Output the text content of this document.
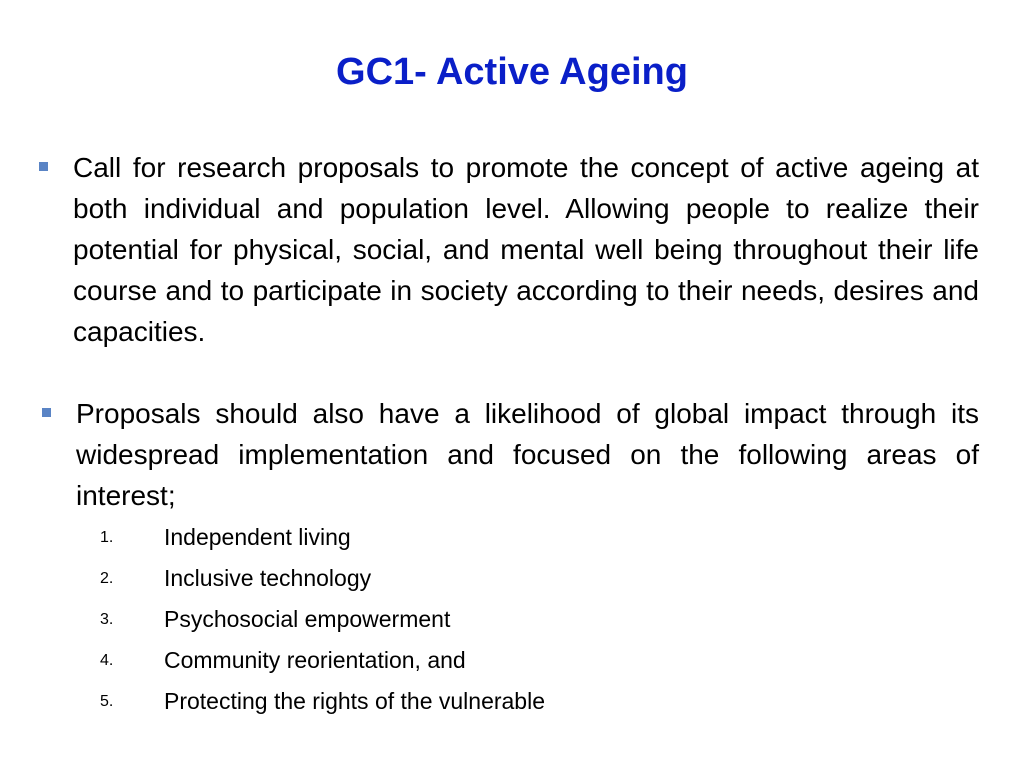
GC1- Active Ageing

Call for research proposals to promote the concept of active ageing at both individual and population level. Allowing people to realize their potential for physical, social, and mental well being throughout their life course and to participate in society according to their needs, desires and capacities.

Proposals should also have a likelihood of global impact through its widespread implementation and focused on the following areas of interest;

1. Independent living
2. Inclusive technology
3. Psychosocial empowerment
4. Community reorientation, and
5. Protecting the rights of the vulnerable
